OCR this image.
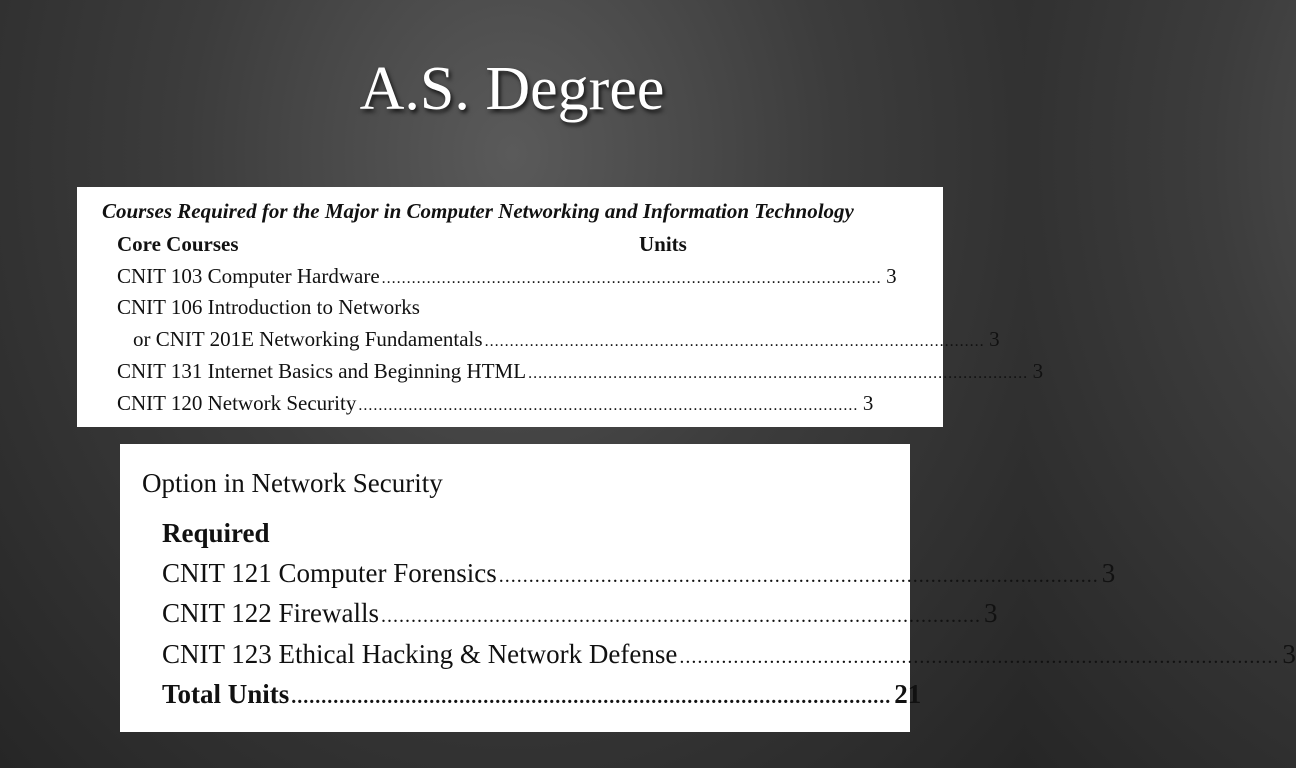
A.S. Degree
Courses Required for the Major in Computer Networking and Information Technology
Core Courses	Units
CNIT 103 Computer Hardware .................................................................................................... 3
CNIT 106 Introduction to Networks
or CNIT 201E Networking Fundamentals .................................................................................................... 3
CNIT 131 Internet Basics and Beginning HTML .................................................................................................... 3
CNIT 120 Network Security .................................................................................................... 3
Option in Network Security
Required
CNIT 121 Computer Forensics .................................................................................................... 3
CNIT 122 Firewalls .................................................................................................... 3
CNIT 123 Ethical Hacking & Network Defense .................................................................................................... 3
Total Units .................................................................................................... 21
